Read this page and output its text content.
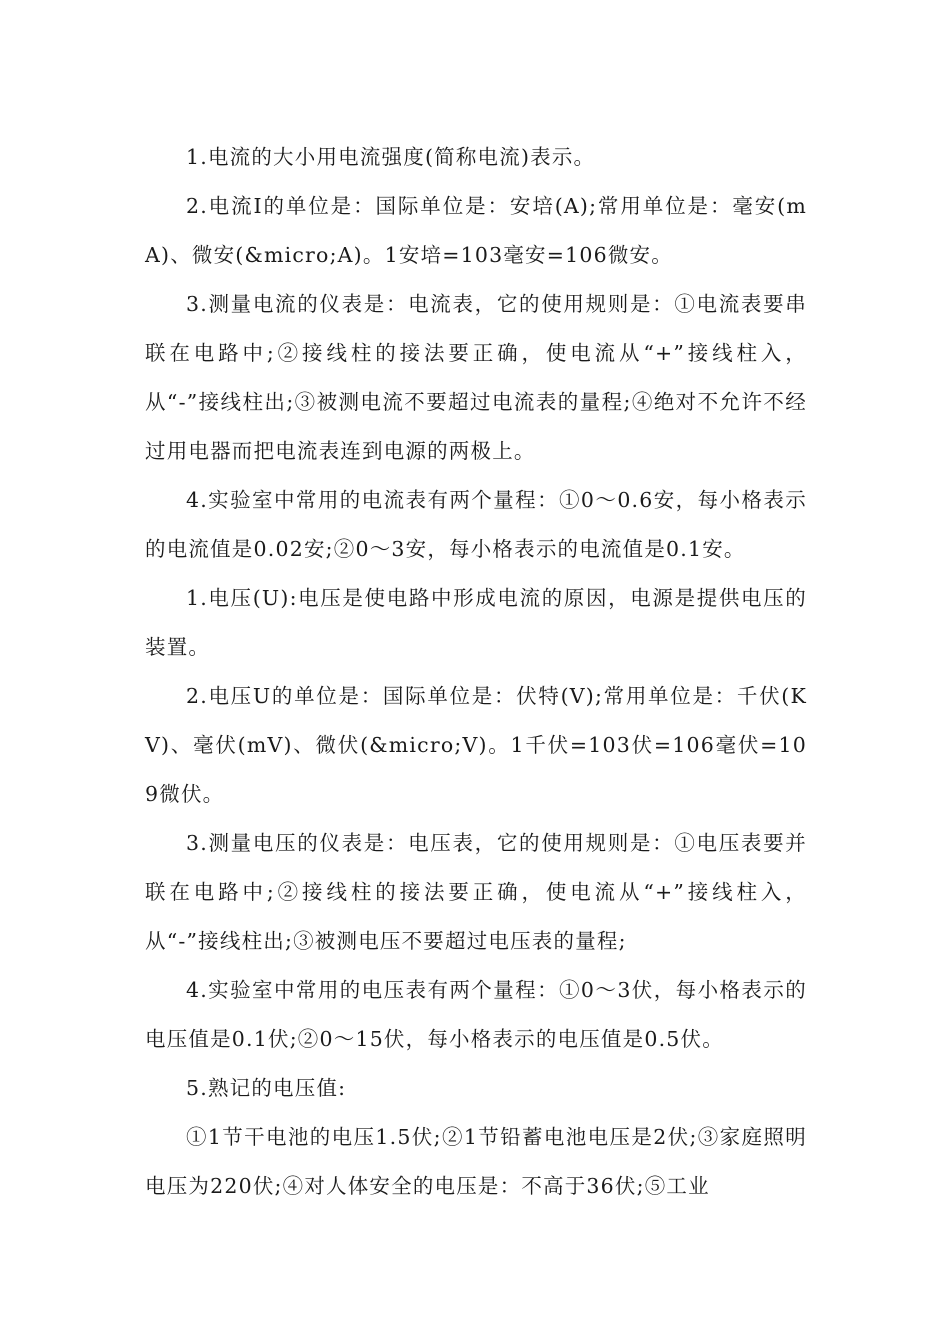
1.电流的大小用电流强度(简称电流)表示。

2.电流I的单位是：国际单位是：安培(A);常用单位是：毫安(mA)、微安(&micro;A)。1安培=103毫安=106微安。

3.测量电流的仪表是：电流表，它的使用规则是：①电流表要串联在电路中;②接线柱的接法要正确，使电流从“+”接线柱入，从“-”接线柱出;③被测电流不要超过电流表的量程;④绝对不允许不经过用电器而把电流表连到电源的两极上。

4.实验室中常用的电流表有两个量程：①0～0.6安，每小格表示的电流值是0.02安;②0～3安，每小格表示的电流值是0.1安。

1.电压(U):电压是使电路中形成电流的原因，电源是提供电压的装置。

2.电压U的单位是：国际单位是：伏特(V);常用单位是：千伏(KV)、毫伏(mV)、微伏(&micro;V)。1千伏=103伏=106毫伏=109微伏。

3.测量电压的仪表是：电压表，它的使用规则是：①电压表要并联在电路中;②接线柱的接法要正确，使电流从“+”接线柱入，从“-”接线柱出;③被测电压不要超过电压表的量程;

4.实验室中常用的电压表有两个量程：①0～3伏，每小格表示的电压值是0.1伏;②0～15伏，每小格表示的电压值是0.5伏。

5.熟记的电压值:

①1节干电池的电压1.5伏;②1节铅蓄电池电压是2伏;③家庭照明电压为220伏;④对人体安全的电压是：不高于36伏;⑤工业
